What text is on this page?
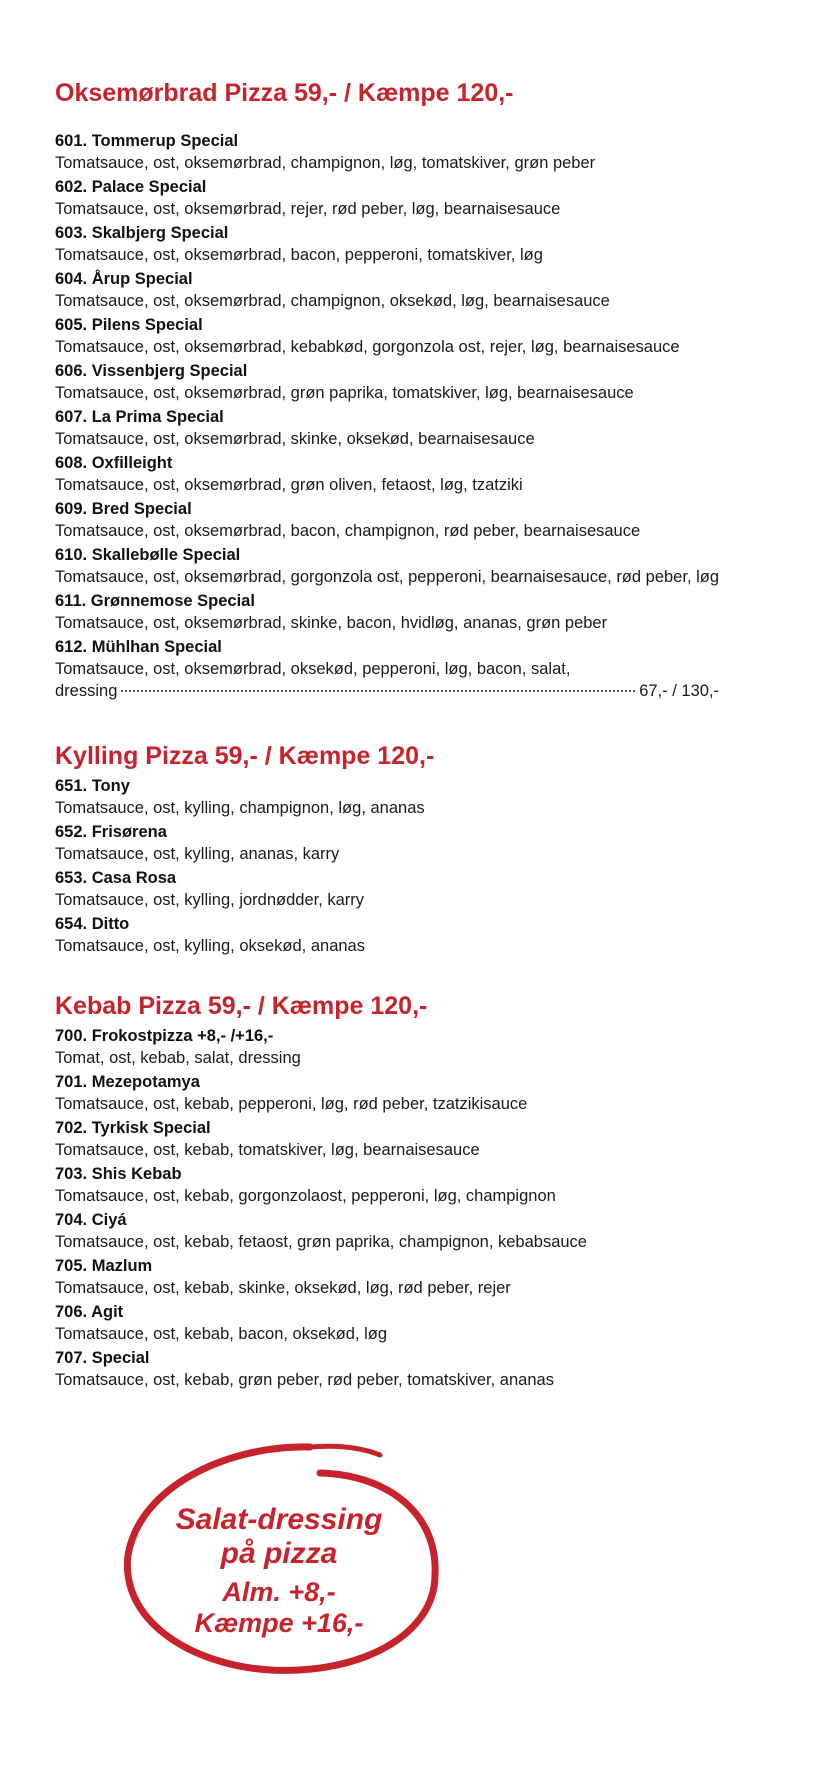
Oksemørbrad Pizza 59,- / Kæmpe 120,-
601. Tommerup Special
Tomatsauce, ost, oksemørbrad, champignon, løg, tomatskiver, grøn peber
602. Palace Special
Tomatsauce, ost, oksemørbrad, rejer, rød peber, løg, bearnaisesauce
603. Skalbjerg Special
Tomatsauce, ost, oksemørbrad, bacon, pepperoni, tomatskiver, løg
604. Årup Special
Tomatsauce, ost, oksemørbrad, champignon, oksekød, løg, bearnaisesauce
605. Pilens Special
Tomatsauce, ost, oksemørbrad, kebabkød, gorgonzola ost, rejer, løg, bearnaisesauce
606. Vissenbjerg Special
Tomatsauce, ost, oksemørbrad, grøn paprika, tomatskiver, løg, bearnaisesauce
607. La Prima Special
Tomatsauce, ost, oksemørbrad, skinke, oksekød, bearnaisesauce
608. Oxfilleight
Tomatsauce, ost, oksemørbrad, grøn oliven, fetaost, løg, tzatziki
609. Bred Special
Tomatsauce, ost, oksemørbrad, bacon, champignon, rød peber, bearnaisesauce
610. Skallebølle Special
Tomatsauce, ost, oksemørbrad, gorgonzola ost, pepperoni, bearnaisesauce, rød peber, løg
611. Grønnemose Special
Tomatsauce, ost, oksemørbrad, skinke, bacon, hvidløg, ananas, grøn peber
612. Mühlhan Special
Tomatsauce, ost, oksemørbrad, oksekød, pepperoni, løg, bacon, salat,
dressing	67,- / 130,-
Kylling Pizza 59,- / Kæmpe 120,-
651. Tony
Tomatsauce, ost, kylling, champignon, løg, ananas
652. Frisørena
Tomatsauce, ost, kylling, ananas, karry
653. Casa Rosa
Tomatsauce, ost, kylling, jordnødder, karry
654. Ditto
Tomatsauce, ost, kylling, oksekød, ananas
Kebab Pizza 59,- / Kæmpe 120,-
700. Frokostpizza +8,- /+16,-
Tomat, ost, kebab, salat, dressing
701. Mezepotamya
Tomatsauce, ost, kebab, pepperoni, løg, rød peber, tzatzikisauce
702. Tyrkisk Special
Tomatsauce, ost, kebab, tomatskiver, løg, bearnaisesauce
703. Shis Kebab
Tomatsauce, ost, kebab, gorgonzolaost, pepperoni, løg, champignon
704. Ciyá
Tomatsauce, ost, kebab, fetaost, grøn paprika, champignon, kebabsauce
705. Mazlum
Tomatsauce, ost, kebab, skinke, oksekød, løg, rød peber, rejer
706. Agit
Tomatsauce, ost, kebab, bacon, oksekød, løg
707. Special
Tomatsauce, ost, kebab, grøn peber, rød peber, tomatskiver, ananas
Salat-dressing
på pizza
Alm. +8,-
Kæmpe +16,-
